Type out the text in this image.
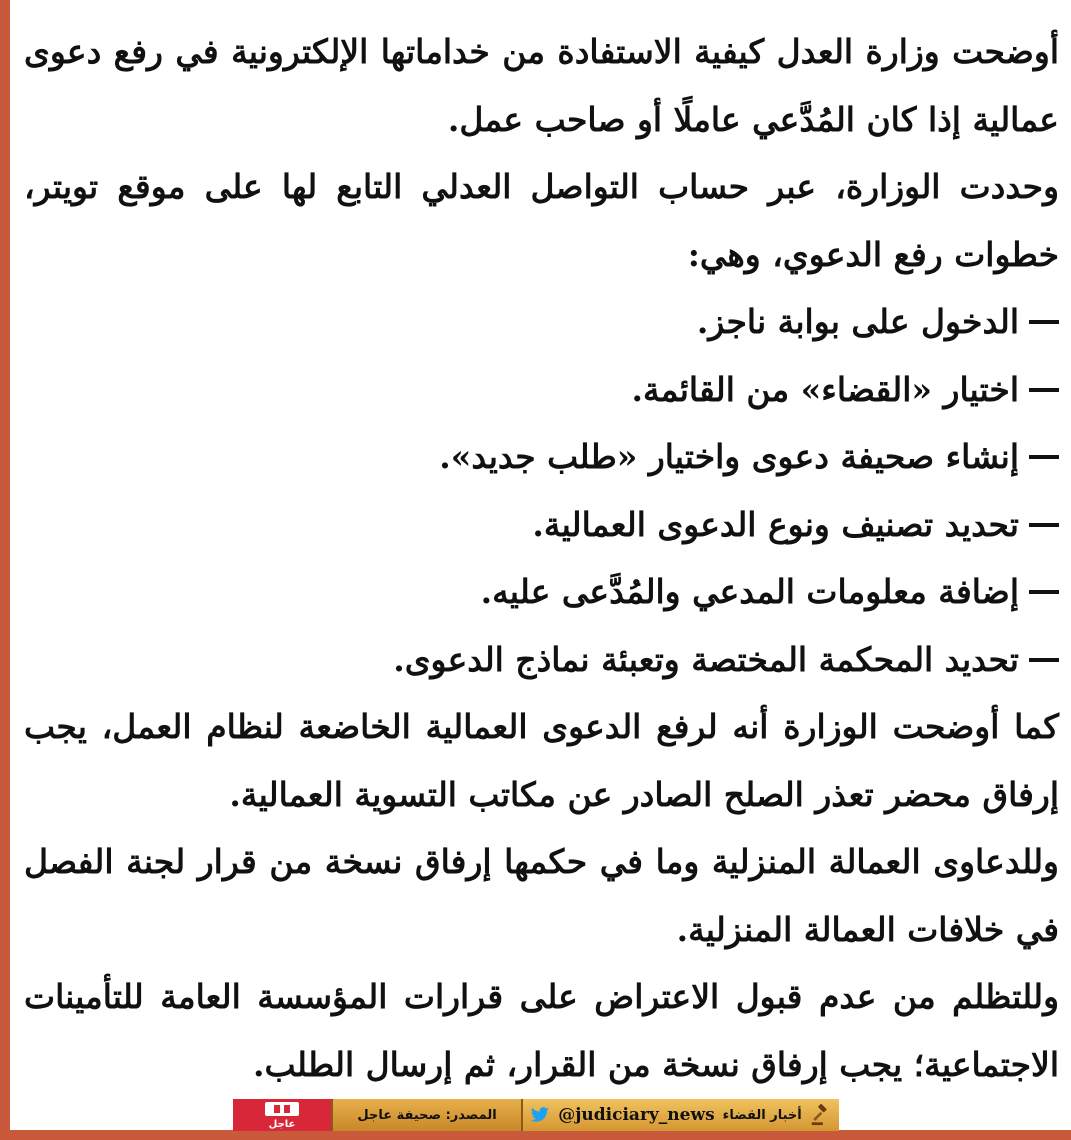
أوضحت وزارة العدل كيفية الاستفادة من خداماتها الإلكترونية في رفع دعوى عمالية إذا كان المُدَّعي عاملًا أو صاحب عمل.

وحددت الوزارة، عبر حساب التواصل العدلي التابع لها على موقع تويتر، خطوات رفع الدعوي، وهي:

الدخول على بوابة ناجز.

اختيار «القضاء» من القائمة.

إنشاء صحيفة دعوى واختيار «طلب جديد».

تحديد تصنيف ونوع الدعوى العمالية.

إضافة معلومات المدعي والمُدَّعى عليه.

تحديد المحكمة المختصة وتعبئة نماذج الدعوى.

كما أوضحت الوزارة أنه لرفع الدعوى العمالية الخاضعة لنظام العمل، يجب إرفاق محضر تعذر الصلح الصادر عن مكاتب التسوية العمالية.

وللدعاوى العمالة المنزلية وما في حكمها إرفاق نسخة من قرار لجنة الفصل في خلافات العمالة المنزلية.

وللتظلم من عدم قبول الاعتراض على قرارات المؤسسة العامة للتأمينات الاجتماعية؛ يجب إرفاق نسخة من القرار، ثم إرسال الطلب.

عاجل
المصدر: صحيفة عاجل	@judiciary_news أخبار القضاء
